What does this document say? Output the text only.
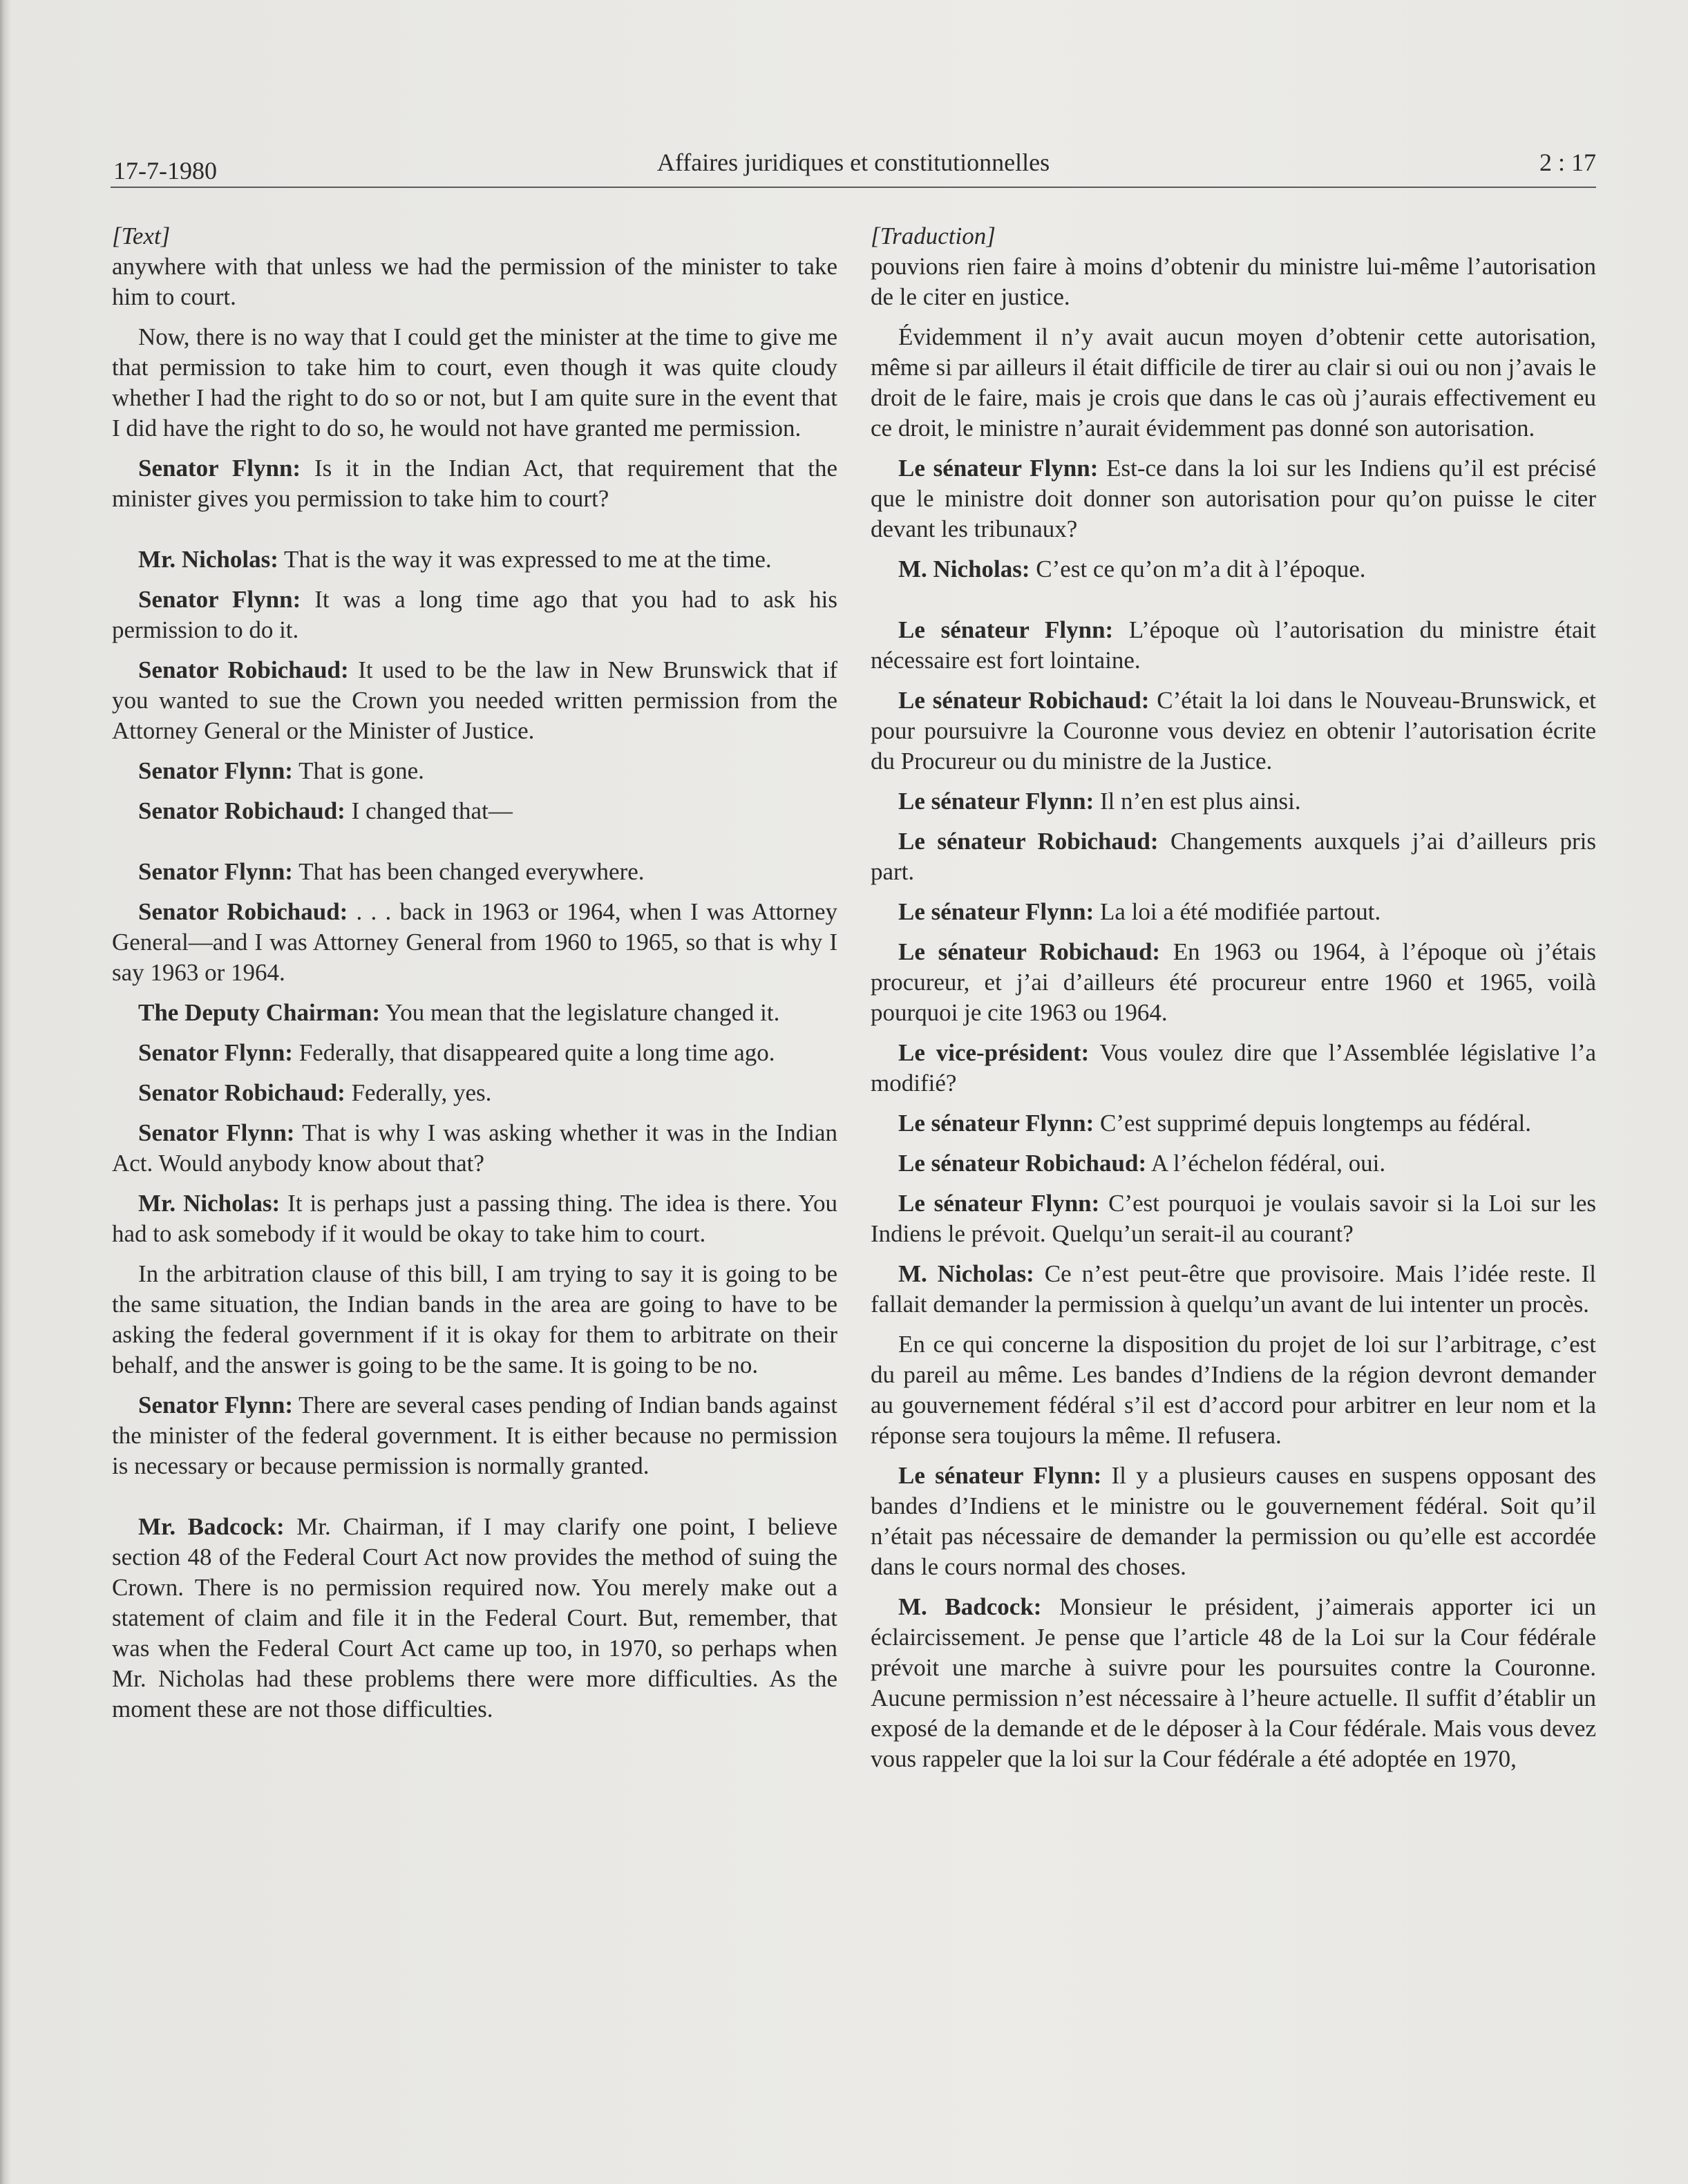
17-7-1980	Affaires juridiques et constitutionnelles	2 : 17

[Text]

anywhere with that unless we had the permission of the minister to take him to court.

Now, there is no way that I could get the minister at the time to give me that permission to take him to court, even though it was quite cloudy whether I had the right to do so or not, but I am quite sure in the event that I did have the right to do so, he would not have granted me permission.

Senator Flynn: Is it in the Indian Act, that requirement that the minister gives you permission to take him to court?

Mr. Nicholas: That is the way it was expressed to me at the time.

Senator Flynn: It was a long time ago that you had to ask his permission to do it.

Senator Robichaud: It used to be the law in New Brunswick that if you wanted to sue the Crown you needed written permission from the Attorney General or the Minister of Justice.

Senator Flynn: That is gone.

Senator Robichaud: I changed that—

Senator Flynn: That has been changed everywhere.

Senator Robichaud: . . . back in 1963 or 1964, when I was Attorney General—and I was Attorney General from 1960 to 1965, so that is why I say 1963 or 1964.

The Deputy Chairman: You mean that the legislature changed it.

Senator Flynn: Federally, that disappeared quite a long time ago.

Senator Robichaud: Federally, yes.

Senator Flynn: That is why I was asking whether it was in the Indian Act. Would anybody know about that?

Mr. Nicholas: It is perhaps just a passing thing. The idea is there. You had to ask somebody if it would be okay to take him to court.

In the arbitration clause of this bill, I am trying to say it is going to be the same situation, the Indian bands in the area are going to have to be asking the federal government if it is okay for them to arbitrate on their behalf, and the answer is going to be the same. It is going to be no.

Senator Flynn: There are several cases pending of Indian bands against the minister of the federal government. It is either because no permission is necessary or because permission is normally granted.

Mr. Badcock: Mr. Chairman, if I may clarify one point, I believe section 48 of the Federal Court Act now provides the method of suing the Crown. There is no permission required now. You merely make out a statement of claim and file it in the Federal Court. But, remember, that was when the Federal Court Act came up too, in 1970, so perhaps when Mr. Nicholas had these problems there were more difficulties. As the moment these are not those difficulties.

[Traduction]

pouvions rien faire à moins d’obtenir du ministre lui-même l’autorisation de le citer en justice.

Évidemment il n’y avait aucun moyen d’obtenir cette autorisation, même si par ailleurs il était difficile de tirer au clair si oui ou non j’avais le droit de le faire, mais je crois que dans le cas où j’aurais effectivement eu ce droit, le ministre n’aurait évidemment pas donné son autorisation.

Le sénateur Flynn: Est-ce dans la loi sur les Indiens qu’il est précisé que le ministre doit donner son autorisation pour qu’on puisse le citer devant les tribunaux?

M. Nicholas: C’est ce qu’on m’a dit à l’époque.

Le sénateur Flynn: L’époque où l’autorisation du ministre était nécessaire est fort lointaine.

Le sénateur Robichaud: C’était la loi dans le Nouveau-Brunswick, et pour poursuivre la Couronne vous deviez en obtenir l’autorisation écrite du Procureur ou du ministre de la Justice.

Le sénateur Flynn: Il n’en est plus ainsi.

Le sénateur Robichaud: Changements auxquels j’ai d’ailleurs pris part.

Le sénateur Flynn: La loi a été modifiée partout.

Le sénateur Robichaud: En 1963 ou 1964, à l’époque où j’étais procureur, et j’ai d’ailleurs été procureur entre 1960 et 1965, voilà pourquoi je cite 1963 ou 1964.

Le vice-président: Vous voulez dire que l’Assemblée législative l’a modifié?

Le sénateur Flynn: C’est supprimé depuis longtemps au fédéral.

Le sénateur Robichaud: A l’échelon fédéral, oui.

Le sénateur Flynn: C’est pourquoi je voulais savoir si la Loi sur les Indiens le prévoit. Quelqu’un serait-il au courant?

M. Nicholas: Ce n’est peut-être que provisoire. Mais l’idée reste. Il fallait demander la permission à quelqu’un avant de lui intenter un procès.

En ce qui concerne la disposition du projet de loi sur l’arbitrage, c’est du pareil au même. Les bandes d’Indiens de la région devront demander au gouvernement fédéral s’il est d’accord pour arbitrer en leur nom et la réponse sera toujours la même. Il refusera.

Le sénateur Flynn: Il y a plusieurs causes en suspens opposant des bandes d’Indiens et le ministre ou le gouvernement fédéral. Soit qu’il n’était pas nécessaire de demander la permission ou qu’elle est accordée dans le cours normal des choses.

M. Badcock: Monsieur le président, j’aimerais apporter ici un éclaircissement. Je pense que l’article 48 de la Loi sur la Cour fédérale prévoit une marche à suivre pour les poursuites contre la Couronne. Aucune permission n’est nécessaire à l’heure actuelle. Il suffit d’établir un exposé de la demande et de le déposer à la Cour fédérale. Mais vous devez vous rappeler que la loi sur la Cour fédérale a été adoptée en 1970,
